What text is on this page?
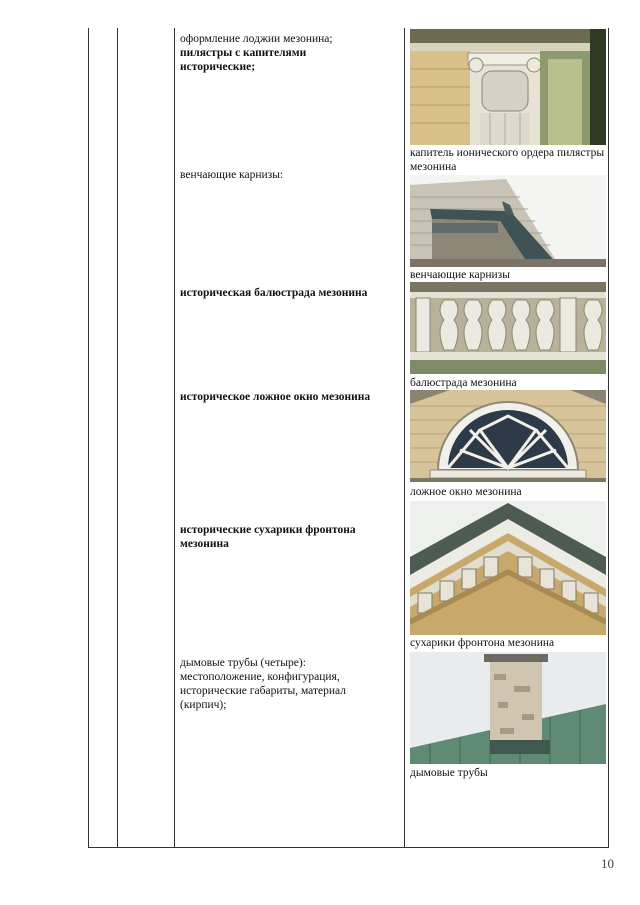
оформление лоджии мезонина;
пилястры с капителями исторические;
капитель ионического ордера пилястры мезонина
венчающие карнизы:
венчающие карнизы
историческая балюстрада мезонина
балюстрада мезонина
историческое ложное окно мезонина
ложное окно мезонина
исторические сухарики фронтона мезонина
сухарики фронтона мезонина
дымовые трубы (четыре): местоположение, конфигурация, исторические габариты, материал (кирпич);
дымовые трубы
10
